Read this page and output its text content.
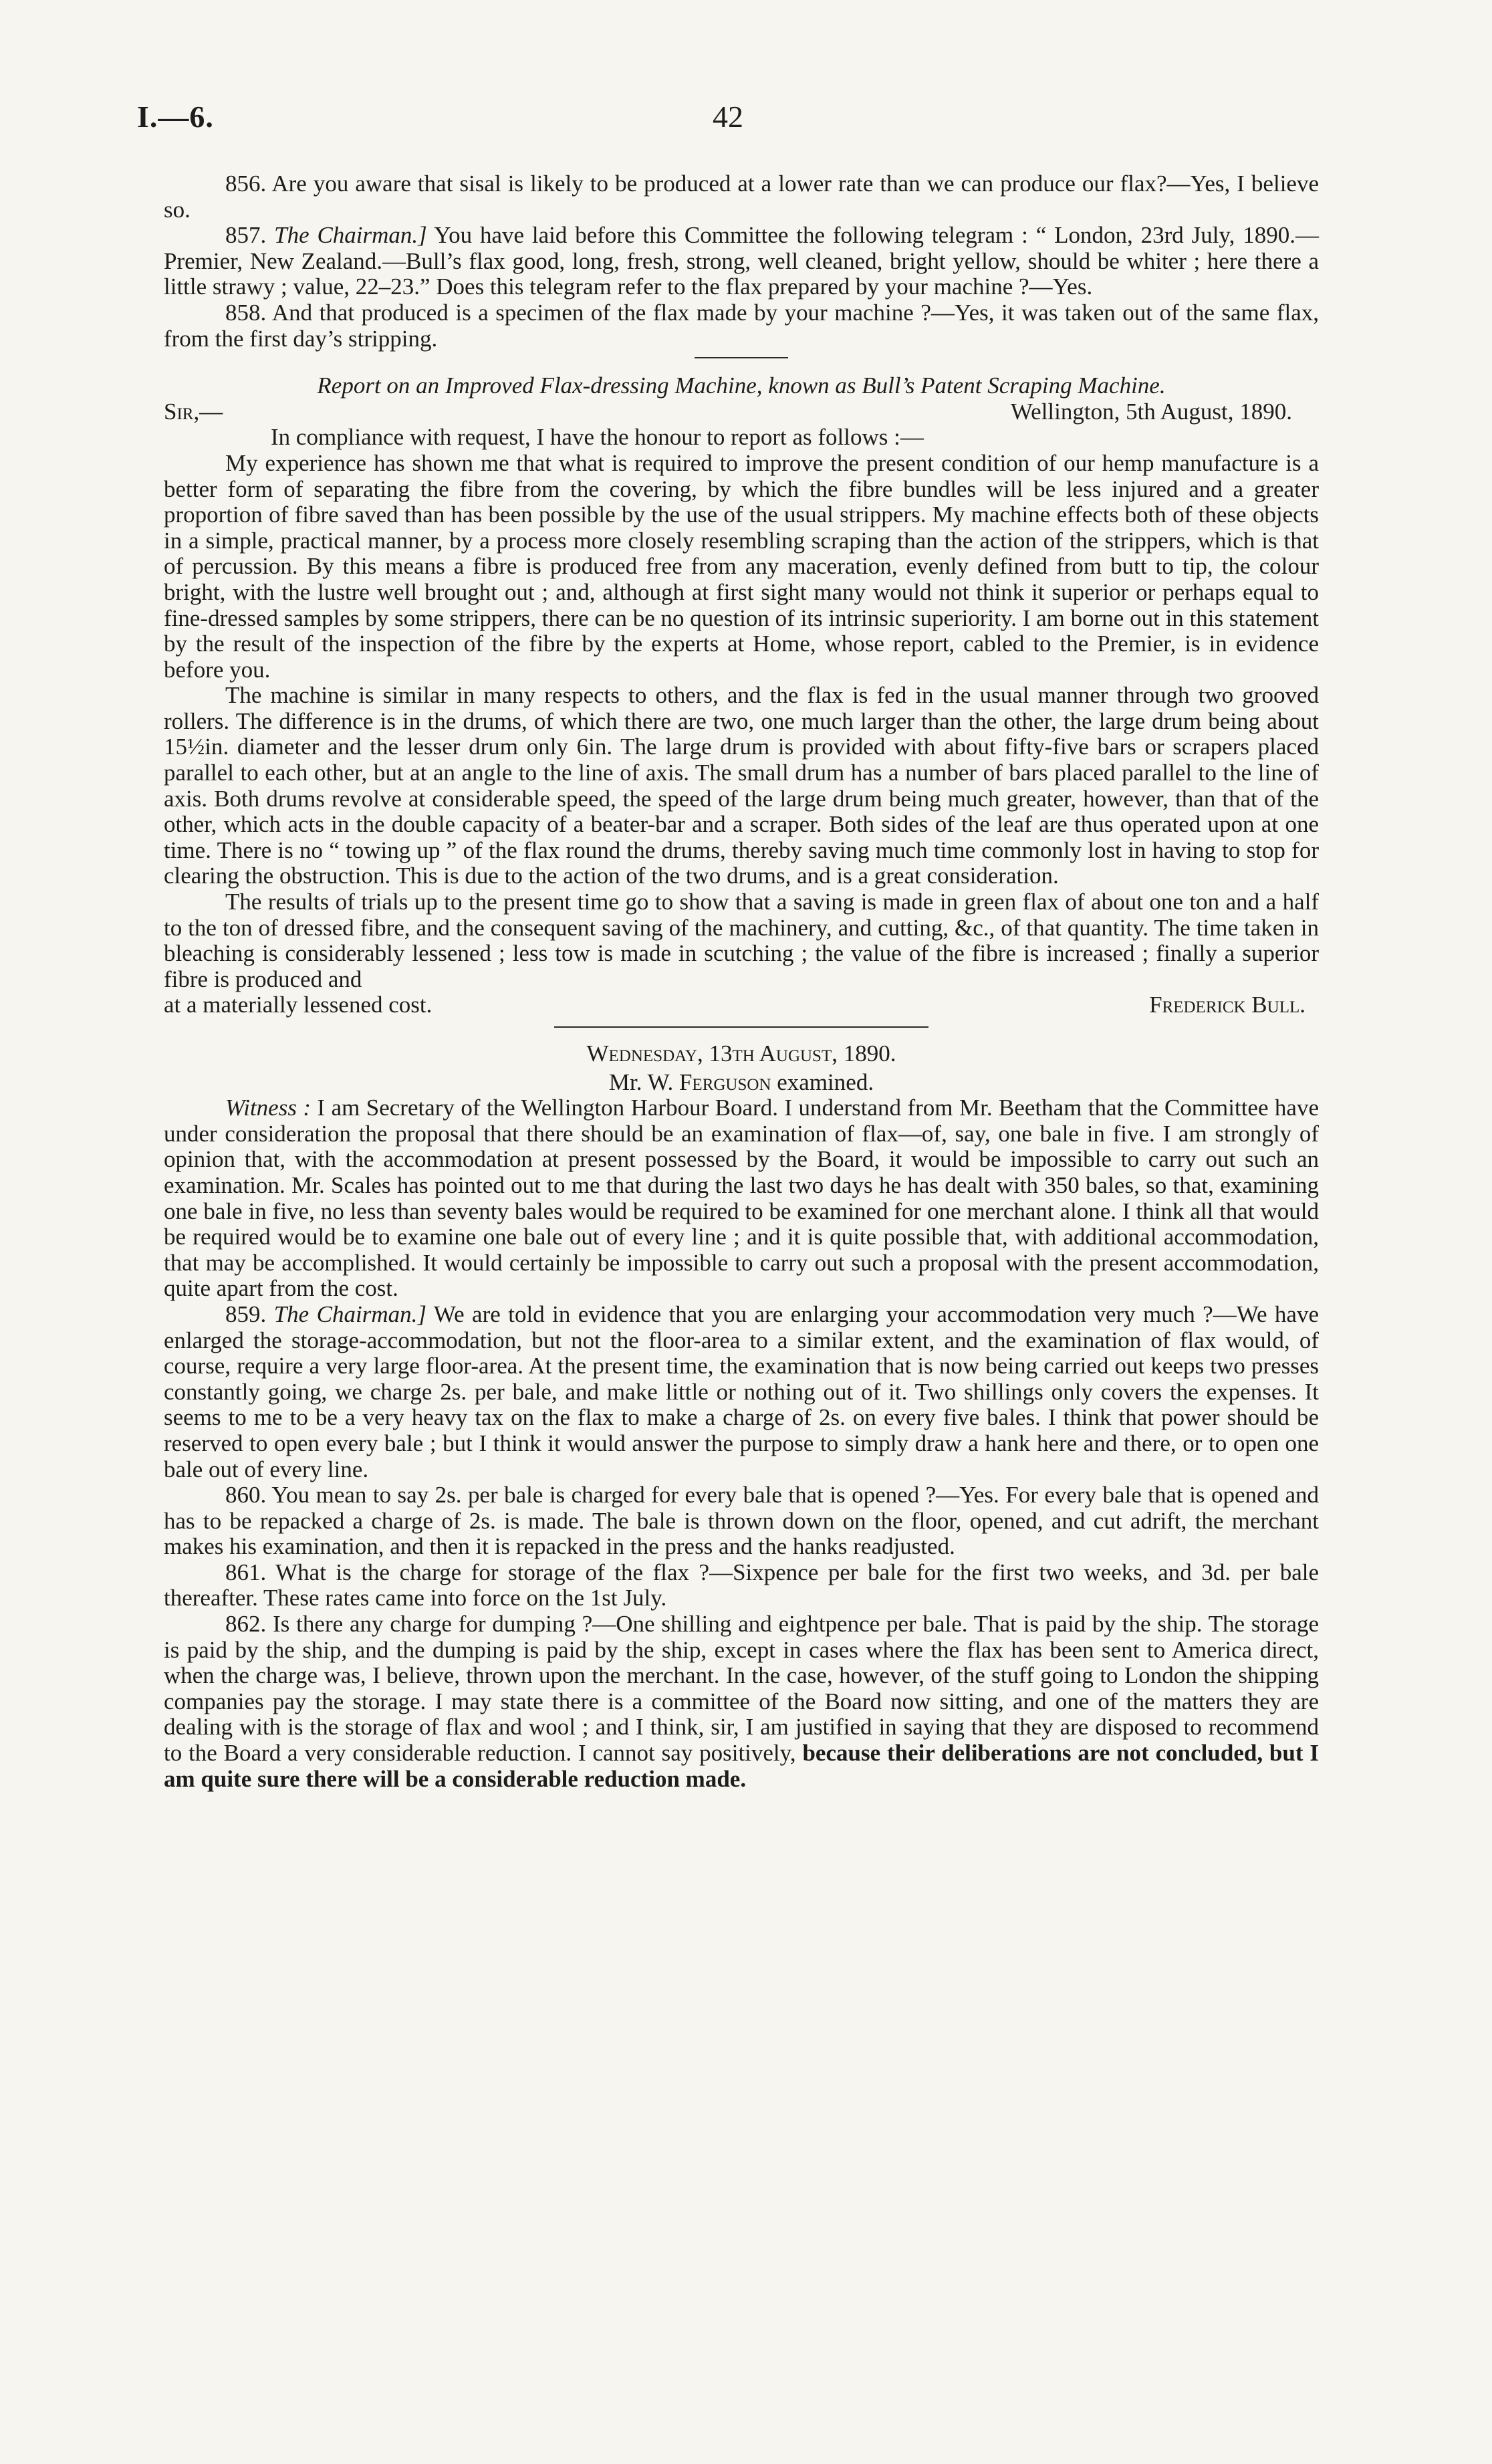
I.—6.	42

856. Are you aware that sisal is likely to be produced at a lower rate than we can produce our flax?—Yes, I believe so.

857. The Chairman.] You have laid before this Committee the following telegram : “ London, 23rd July, 1890.—Premier, New Zealand.—Bull’s flax good, long, fresh, strong, well cleaned, bright yellow, should be whiter ; here there a little strawy ; value, 22–23.” Does this telegram refer to the flax prepared by your machine ?—Yes.

858. And that produced is a specimen of the flax made by your machine ?—Yes, it was taken out of the same flax, from the first day’s stripping.

Report on an Improved Flax-dressing Machine, known as Bull’s Patent Scraping Machine.

Sir,—	Wellington, 5th August, 1890.

In compliance with request, I have the honour to report as follows :—

My experience has shown me that what is required to improve the present condition of our hemp manufacture is a better form of separating the fibre from the covering, by which the fibre bundles will be less injured and a greater proportion of fibre saved than has been possible by the use of the usual strippers. My machine effects both of these objects in a simple, practical manner, by a process more closely resembling scraping than the action of the strippers, which is that of percussion. By this means a fibre is produced free from any maceration, evenly defined from butt to tip, the colour bright, with the lustre well brought out ; and, although at first sight many would not think it superior or perhaps equal to fine-dressed samples by some strippers, there can be no question of its intrinsic superiority. I am borne out in this statement by the result of the inspection of the fibre by the experts at Home, whose report, cabled to the Premier, is in evidence before you.

The machine is similar in many respects to others, and the flax is fed in the usual manner through two grooved rollers. The difference is in the drums, of which there are two, one much larger than the other, the large drum being about 15½in. diameter and the lesser drum only 6in. The large drum is provided with about fifty-five bars or scrapers placed parallel to each other, but at an angle to the line of axis. The small drum has a number of bars placed parallel to the line of axis. Both drums revolve at considerable speed, the speed of the large drum being much greater, however, than that of the other, which acts in the double capacity of a beater-bar and a scraper. Both sides of the leaf are thus operated upon at one time. There is no “ towing up ” of the flax round the drums, thereby saving much time commonly lost in having to stop for clearing the obstruction. This is due to the action of the two drums, and is a great consideration.

The results of trials up to the present time go to show that a saving is made in green flax of about one ton and a half to the ton of dressed fibre, and the consequent saving of the machinery, and cutting, &c., of that quantity. The time taken in bleaching is considerably lessened ; less tow is made in scutching ; the value of the fibre is increased ; finally a superior fibre is produced and

at a materially lessened cost.	Frederick Bull.

Wednesday, 13th August, 1890.

Mr. W. Ferguson examined.

Witness : I am Secretary of the Wellington Harbour Board. I understand from Mr. Beetham that the Committee have under consideration the proposal that there should be an examination of flax—of, say, one bale in five. I am strongly of opinion that, with the accommodation at present possessed by the Board, it would be impossible to carry out such an examination. Mr. Scales has pointed out to me that during the last two days he has dealt with 350 bales, so that, examining one bale in five, no less than seventy bales would be required to be examined for one merchant alone. I think all that would be required would be to examine one bale out of every line ; and it is quite possible that, with additional accommodation, that may be accomplished. It would certainly be impossible to carry out such a proposal with the present accommodation, quite apart from the cost.

859. The Chairman.] We are told in evidence that you are enlarging your accommodation very much ?—We have enlarged the storage-accommodation, but not the floor-area to a similar extent, and the examination of flax would, of course, require a very large floor-area. At the present time, the examination that is now being carried out keeps two presses constantly going, we charge 2s. per bale, and make little or nothing out of it. Two shillings only covers the expenses. It seems to me to be a very heavy tax on the flax to make a charge of 2s. on every five bales. I think that power should be reserved to open every bale ; but I think it would answer the purpose to simply draw a hank here and there, or to open one bale out of every line.

860. You mean to say 2s. per bale is charged for every bale that is opened ?—Yes. For every bale that is opened and has to be repacked a charge of 2s. is made. The bale is thrown down on the floor, opened, and cut adrift, the merchant makes his examination, and then it is repacked in the press and the hanks readjusted.

861. What is the charge for storage of the flax ?—Sixpence per bale for the first two weeks, and 3d. per bale thereafter. These rates came into force on the 1st July.

862. Is there any charge for dumping ?—One shilling and eightpence per bale. That is paid by the ship. The storage is paid by the ship, and the dumping is paid by the ship, except in cases where the flax has been sent to America direct, when the charge was, I believe, thrown upon the merchant. In the case, however, of the stuff going to London the shipping companies pay the storage. I may state there is a committee of the Board now sitting, and one of the matters they are dealing with is the storage of flax and wool ; and I think, sir, I am justified in saying that they are disposed to recommend to the Board a very considerable reduction. I cannot say positively, because their deliberations are not concluded, but I am quite sure there will be a considerable reduction made.
